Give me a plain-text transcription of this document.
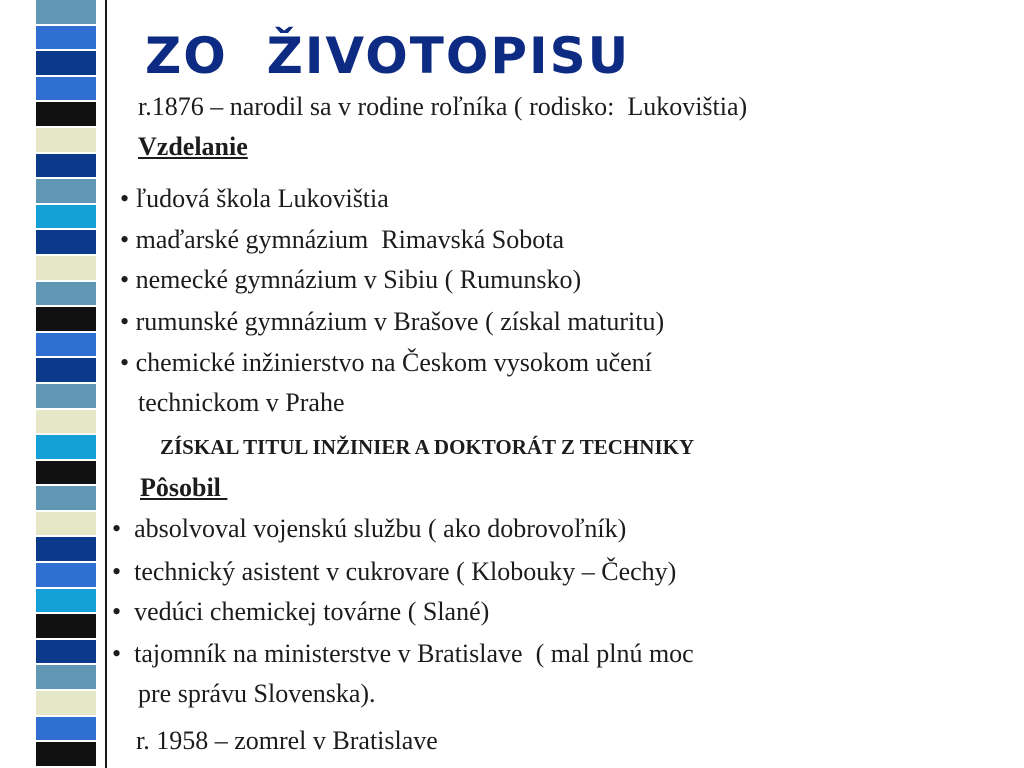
ZO  ŽIVOTOPISU

r.1876 – narodil sa v rodine roľníka ( rodisko:  Lukovištia)

Vzdelanie

• ľudová škola Lukovištia

• maďarské gymnázium  Rimavská Sobota

• nemecké gymnázium v Sibiu ( Rumunsko)

• rumunské gymnázium v Brašove ( získal maturitu)

• chemické inžinierstvo na Českom vysokom učení

technickom v Prahe

ZÍSKAL TITUL INŽINIER A DOKTORÁT Z TECHNIKY

Pôsobil

•  absolvoval vojenskú službu ( ako dobrovoľník)

•  technický asistent v cukrovare ( Klobouky – Čechy)

•  vedúci chemickej továrne ( Slané)

•  tajomník na ministerstve v Bratislave  ( mal plnú moc

pre správu Slovenska).

r. 1958 – zomrel v Bratislave
